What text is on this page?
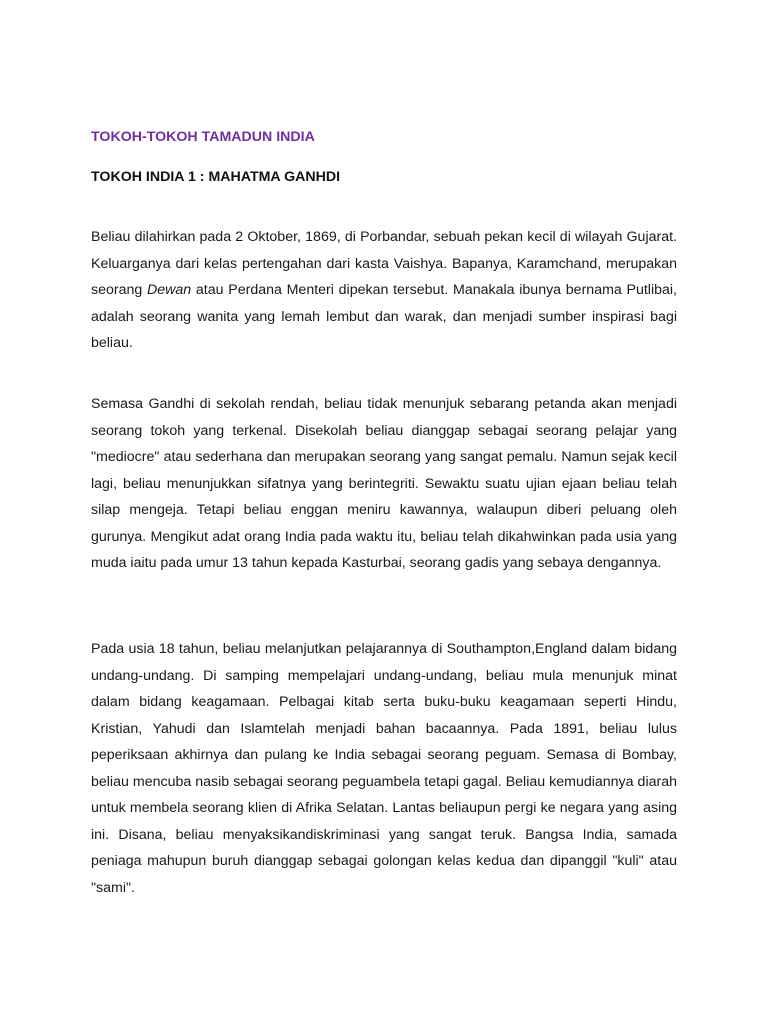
TOKOH-TOKOH TAMADUN INDIA
TOKOH INDIA 1 : MAHATMA GANHDI

Beliau dilahirkan pada 2 Oktober, 1869, di Porbandar, sebuah pekan kecil di wilayah Gujarat. Keluarganya dari kelas pertengahan dari kasta Vaishya. Bapanya, Karamchand, merupakan seorang Dewan atau Perdana Menteri dipekan tersebut. Manakala ibunya bernama Putlibai, adalah seorang wanita yang lemah lembut dan warak, dan menjadi sumber inspirasi bagi beliau.

Semasa Gandhi di sekolah rendah, beliau tidak menunjuk sebarang petanda akan menjadi seorang tokoh yang terkenal. Disekolah beliau dianggap sebagai seorang pelajar yang "mediocre" atau sederhana dan merupakan seorang yang sangat pemalu. Namun sejak kecil lagi, beliau menunjukkan sifatnya yang berintegriti. Sewaktu suatu ujian ejaan beliau telah silap mengeja. Tetapi beliau enggan meniru kawannya, walaupun diberi peluang oleh gurunya. Mengikut adat orang India pada waktu itu, beliau telah dikahwinkan pada usia yang muda iaitu pada umur 13 tahun kepada Kasturbai, seorang gadis yang sebaya dengannya.

Pada usia 18 tahun, beliau melanjutkan pelajarannya di Southampton,England dalam bidang undang-undang. Di samping mempelajari undang-undang, beliau mula menunjuk minat dalam bidang keagamaan. Pelbagai kitab serta buku-buku keagamaan seperti Hindu, Kristian, Yahudi dan Islamtelah menjadi bahan bacaannya. Pada 1891, beliau lulus peperiksaan akhirnya dan pulang ke India sebagai seorang peguam. Semasa di Bombay, beliau mencuba nasib sebagai seorang peguambela tetapi gagal. Beliau kemudiannya diarah untuk membela seorang klien di Afrika Selatan. Lantas beliaupun pergi ke negara yang asing ini. Disana, beliau menyaksikandiskriminasi yang sangat teruk. Bangsa India, samada peniaga mahupun buruh dianggap sebagai golongan kelas kedua dan dipanggil "kuli" atau "sami".
